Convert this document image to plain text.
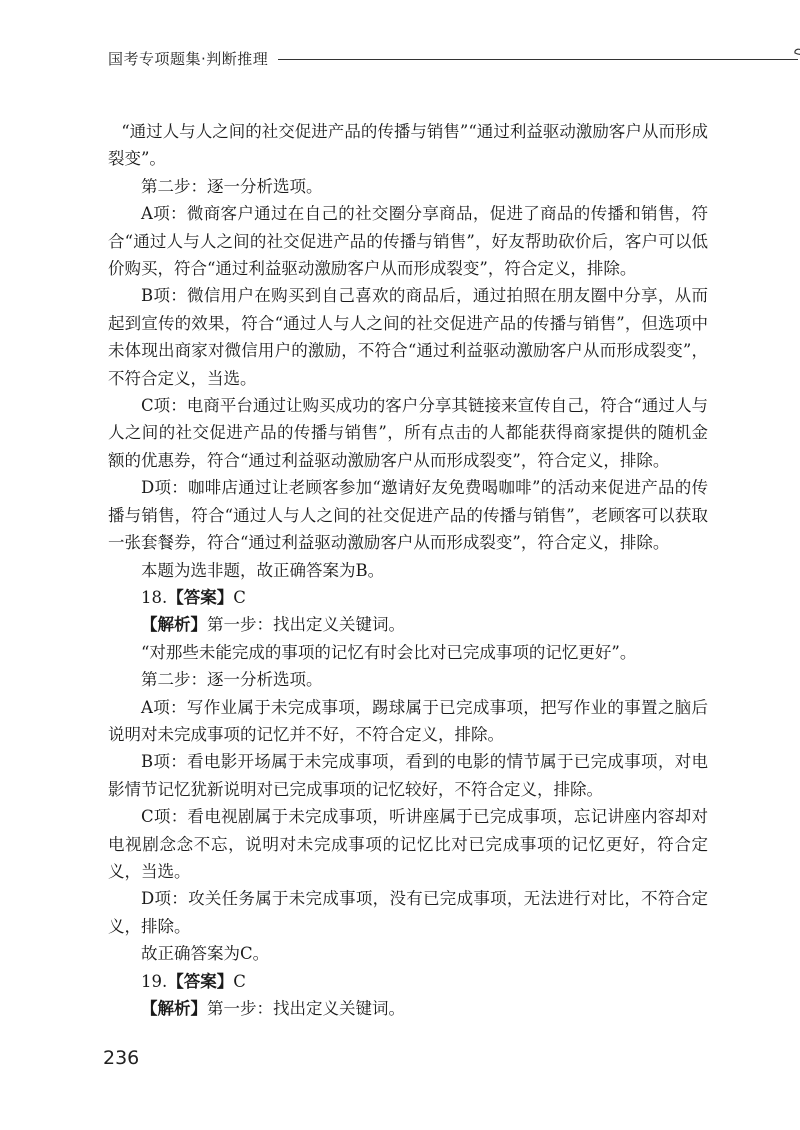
国考专项题集·判断推理

“通过人与人之间的社交促进产品的传播与销售”“通过利益驱动激励客户从而形成裂变”。

第二步：逐一分析选项。

A项：微商客户通过在自己的社交圈分享商品，促进了商品的传播和销售，符合“通过人与人之间的社交促进产品的传播与销售”，好友帮助砍价后，客户可以低价购买，符合“通过利益驱动激励客户从而形成裂变”，符合定义，排除。

B项：微信用户在购买到自己喜欢的商品后，通过拍照在朋友圈中分享，从而起到宣传的效果，符合“通过人与人之间的社交促进产品的传播与销售”，但选项中未体现出商家对微信用户的激励，不符合“通过利益驱动激励客户从而形成裂变”，不符合定义，当选。

C项：电商平台通过让购买成功的客户分享其链接来宣传自己，符合“通过人与人之间的社交促进产品的传播与销售”，所有点击的人都能获得商家提供的随机金额的优惠券，符合“通过利益驱动激励客户从而形成裂变”，符合定义，排除。

D项：咖啡店通过让老顾客参加“邀请好友免费喝咖啡”的活动来促进产品的传播与销售，符合“通过人与人之间的社交促进产品的传播与销售”，老顾客可以获取一张套餐券，符合“通过利益驱动激励客户从而形成裂变”，符合定义，排除。

本题为选非题，故正确答案为B。

18.【答案】C

【解析】第一步：找出定义关键词。

“对那些未能完成的事项的记忆有时会比对已完成事项的记忆更好”。

第二步：逐一分析选项。

A项：写作业属于未完成事项，踢球属于已完成事项，把写作业的事置之脑后说明对未完成事项的记忆并不好，不符合定义，排除。

B项：看电影开场属于未完成事项，看到的电影的情节属于已完成事项，对电影情节记忆犹新说明对已完成事项的记忆较好，不符合定义，排除。

C项：看电视剧属于未完成事项，听讲座属于已完成事项，忘记讲座内容却对电视剧念念不忘，说明对未完成事项的记忆比对已完成事项的记忆更好，符合定义，当选。

D项：攻关任务属于未完成事项，没有已完成事项，无法进行对比，不符合定义，排除。

故正确答案为C。

19.【答案】C

【解析】第一步：找出定义关键词。

236
